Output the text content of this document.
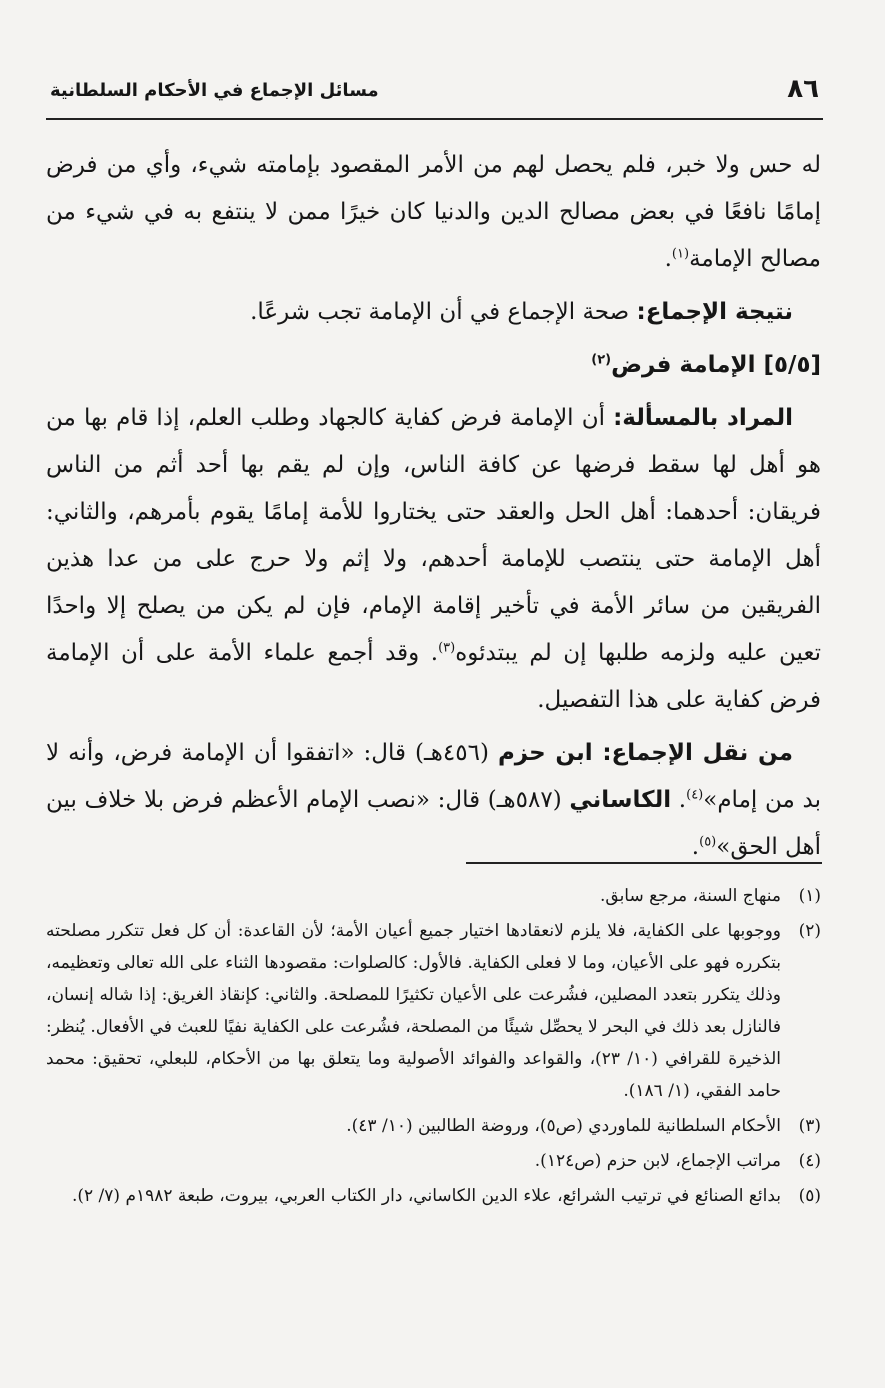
٨٦
مسائل الإجماع في الأحكام السلطانية

له حس ولا خبر، فلم يحصل لهم من الأمر المقصود بإمامته شيء، وأي من فرض إمامًا نافعًا في بعض مصالح الدين والدنيا كان خيرًا ممن لا ينتفع به في شيء من مصالح الإمامة$^{(١)}$.

نتيجة الإجماع: صحة الإجماع في أن الإمامة تجب شرعًا.

[٥/٥] الإمامة فرض$^{(٢)}$

المراد بالمسألة: أن الإمامة فرض كفاية كالجهاد وطلب العلم، إذا قام بها من هو أهل لها سقط فرضها عن كافة الناس، وإن لم يقم بها أحد أثم من الناس فريقان: أحدهما: أهل الحل والعقد حتى يختاروا للأمة إمامًا يقوم بأمرهم، والثاني: أهل الإمامة حتى ينتصب للإمامة أحدهم، ولا إثم ولا حرج على من عدا هذين الفريقين من سائر الأمة في تأخير إقامة الإمام، فإن لم يكن من يصلح إلا واحدًا تعين عليه ولزمه طلبها إن لم يبتدئوه$^{(٣)}$. وقد أجمع علماء الأمة على أن الإمامة فرض كفاية على هذا التفصيل.

من نقل الإجماع: ابن حزم (٤٥٦هـ) قال: «اتفقوا أن الإمامة فرض، وأنه لا بد من إمام»$^{(٤)}$. الكاساني (٥٨٧هـ) قال: «نصب الإمام الأعظم فرض بلا خلاف بين أهل الحق»$^{(٥)}$.

(١)
منهاج السنة، مرجع سابق.
(٢)
ووجوبها على الكفاية، فلا يلزم لانعقادها اختيار جميع أعيان الأمة؛ لأن القاعدة: أن كل فعل تتكرر مصلحته بتكرره فهو على الأعيان، وما لا فعلى الكفاية. فالأول: كالصلوات: مقصودها الثناء على الله تعالى وتعظيمه، وذلك يتكرر بتعدد المصلين، فشُرعت على الأعيان تكثيرًا للمصلحة. والثاني: كإنقاذ الغريق: إذا شاله إنسان، فالنازل بعد ذلك في البحر لا يحصِّل شيئًا من المصلحة، فشُرعت على الكفاية نفيًا للعبث في الأفعال. يُنظر: الذخيرة للقرافي (١٠/ ٢٣)، والقواعد والفوائد الأصولية وما يتعلق بها من الأحكام، للبعلي، تحقيق: محمد حامد الفقي، (١/ ١٨٦).
(٣)
الأحكام السلطانية للماوردي (ص٥)، وروضة الطالبين (١٠/ ٤٣).
(٤)
مراتب الإجماع، لابن حزم (ص١٢٤).
(٥)
بدائع الصنائع في ترتيب الشرائع، علاء الدين الكاساني، دار الكتاب العربي، بيروت، طبعة ١٩٨٢م (٧/ ٢).
